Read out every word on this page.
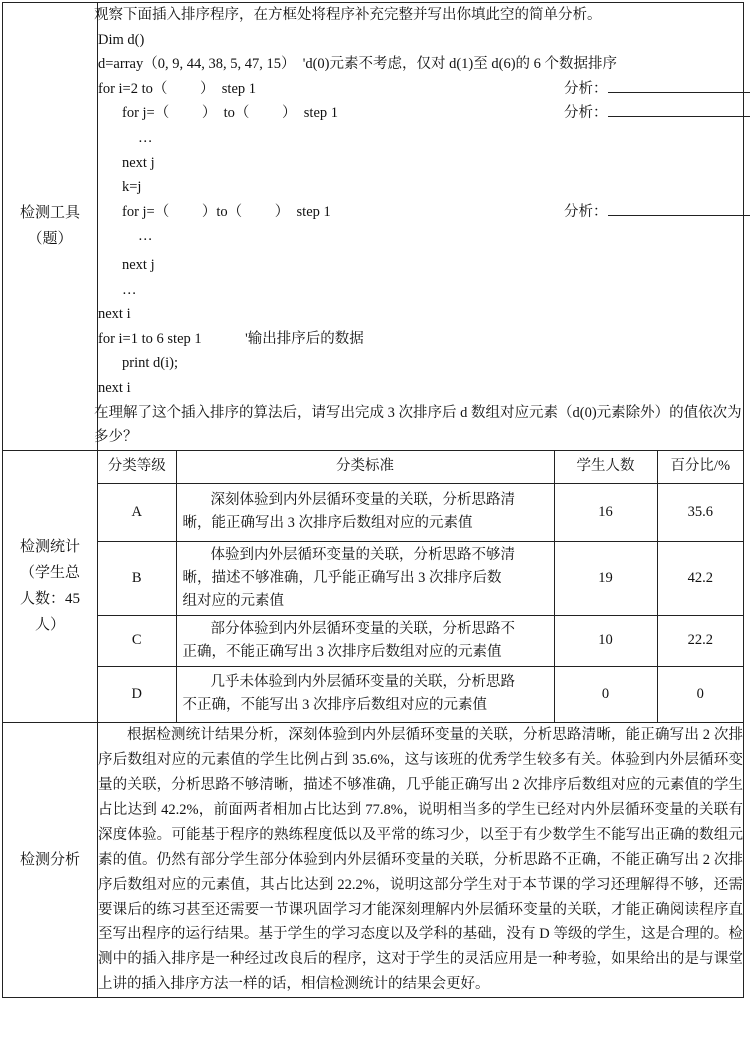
检测工具
（题）

观察下面插入排序程序，在方框处将程序补充完整并写出你填此空的简单分析。
Dim d()
d=array（0, 9, 44, 38, 5, 47, 15）  'd(0)元素不考虑，仅对 d(1)至 d(6)的 6 个数据排序
for i=2 to（         ）  step 1	分析：
for j=（         ）  to（         ）  step 1	分析：
…
next j
k=j
for j=（         ）to（         ）  step 1	分析：
…
next j
…
next i
for i=1 to 6 step 1            '输出排序后的数据
print d(i);
next i
在理解了这个插入排序的算法后，请写出完成 3 次排序后 d 数组对应元素（d(0)元素除外）的值依次为多少？

检测统计
（学生总
人数：45
人）

分类等级	分类标准	学生人数	百分比/%
A	
深刻体验到内外层循环变量的关联，分析思路清
晰，能正确写出 3 次排序后数组对应的元素值
	16	35.6
B	
体验到内外层循环变量的关联，分析思路不够清
晰，描述不够准确，几乎能正确写出 3 次排序后数
组对应的元素值
	19	42.2
C	
部分体验到内外层循环变量的关联，分析思路不
正确，不能正确写出 3 次排序后数组对应的元素值
	10	22.2
D	
几乎未体验到内外层循环变量的关联，分析思路
不正确，不能写出 3 次排序后数组对应的元素值
	0	0

检测分析	
根据检测统计结果分析，深刻体验到内外层循环变量的关联，分析思路清晰，能正确写出 2 次排序后数组对应的元素值的学生比例占到 35.6%，这与该班的优秀学生较多有关。体验到内外层循环变量的关联，分析思路不够清晰，描述不够准确，几乎能正确写出 2 次排序后数组对应的元素值的学生占比达到 42.2%，前面两者相加占比达到 77.8%，说明相当多的学生已经对内外层循环变量的关联有深度体验。可能基于程序的熟练程度低以及平常的练习少，以至于有少数学生不能写出正确的数组元素的值。仍然有部分学生部分体验到内外层循环变量的关联，分析思路不正确，不能正确写出 2 次排序后数组对应的元素值，其占比达到 22.2%，说明这部分学生对于本节课的学习还理解得不够，还需要课后的练习甚至还需要一节课巩固学习才能深刻理解内外层循环变量的关联，才能正确阅读程序直至写出程序的运行结果。基于学生的学习态度以及学科的基础，没有 D 等级的学生，这是合理的。检测中的插入排序是一种经过改良后的程序，这对于学生的灵活应用是一种考验，如果给出的是与课堂上讲的插入排序方法一样的话，相信检测统计的结果会更好。
